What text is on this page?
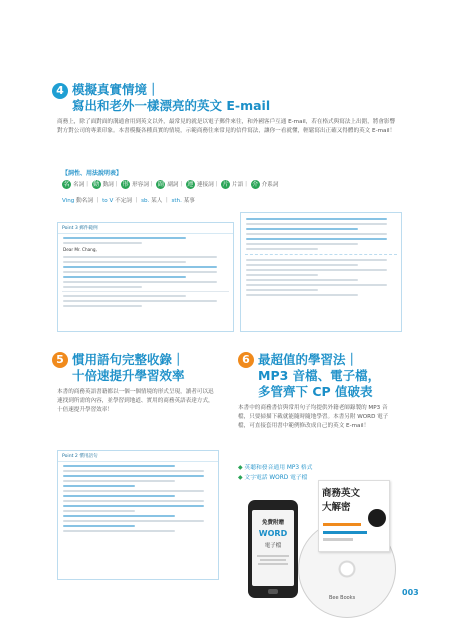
4 模擬真實情境｜
寫出和老外一樣漂亮的英文 E-mail
商務上，除了面對面的溝通會用到英文以外，最常見的就是以電子郵件來往，和外國客戶互通 E-mail，若在格式與寫法上出錯，將會影響對方對公司的專業印象。本書模擬各種真實的情境，示範商務往來常見的信件寫法，讓你一看就懂，輕鬆寫出正確又得體的英文 E-mail！
【詞性、用法說明表】
名 名詞｜ 動 動詞｜ 形 形容詞｜ 副 副詞｜ 連 連接詞｜ 片 片語｜ 介 介系詞
Ving 動名詞 ｜ to V 不定詞 ｜ sb. 某人 ｜ sth. 某事
Point 3 郵件範例
Dear Mr. Chang,
5 慣用語句完整收錄｜
十倍速提升學習效率
本書的商務英語書籍都以一個一個情境的形式呈現，讀者可以迅速找到所需的內容，並學習到地道、實用的商務英語表達方式，十倍速提升學習效率！
Point 2 慣用語句
6 最超值的學習法｜
MP3 音檔、電子檔，
多管齊下 CP 值破表
本書中的商務書信與常用句子均提供外籍老師錄製的 MP3 音檔，只要掃描下載就能隨時隨地學習。本書另附 WORD 電子檔，可直接套用書中範例修改成自己的英文 E-mail！
◆ 英聽和發音通用 MP3 格式
◆ 文字電話 WORD 電子檔
免費附贈
WORD
電子檔
Bee Books
商務英文
大解密
003
